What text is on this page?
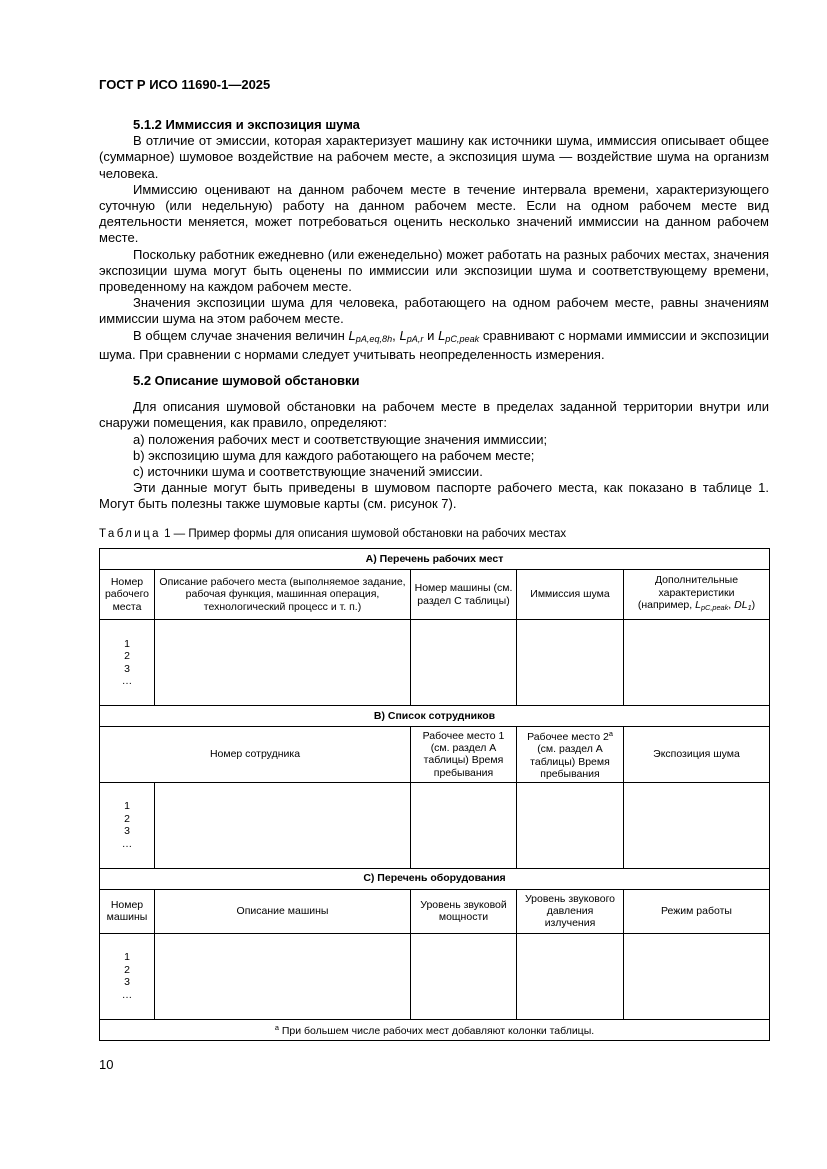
ГОСТ Р ИСО 11690-1—2025
5.1.2 Иммиссия и экспозиция шума

В отличие от эмиссии, которая характеризует машину как источники шума, иммиссия описывает общее (суммарное) шумовое воздействие на рабочем месте, а экспозиция шума — воздействие шума на организм человека.

Иммиссию оценивают на данном рабочем месте в течение интервала времени, характеризующего суточную (или недельную) работу на данном рабочем месте. Если на одном рабочем месте вид деятельности меняется, может потребоваться оценить несколько значений иммиссии на данном рабочем месте.

Поскольку работник ежедневно (или еженедельно) может работать на разных рабочих местах, значения экспозиции шума могут быть оценены по иммиссии или экспозиции шума и соответствующему времени, проведенному на каждом рабочем месте.

Значения экспозиции шума для человека, работающего на одном рабочем месте, равны значениям иммиссии шума на этом рабочем месте.

В общем случае значения величин $L_{pA,eq,8h}$, $L_{pA,r}$ и $L_{pC,peak}$ сравнивают с нормами иммиссии и экспозиции шума. При сравнении с нормами следует учитывать неопределенность измерения.

5.2 Описание шумовой обстановки

Для описания шумовой обстановки на рабочем месте в пределах заданной территории внутри или снаружи помещения, как правило, определяют:

a) положения рабочих мест и соответствующие значения иммиссии;

b) экспозицию шума для каждого работающего на рабочем месте;

c) источники шума и соответствующие значений эмиссии.

Эти данные могут быть приведены в шумовом паспорте рабочего места, как показано в таблице 1. Могут быть полезны также шумовые карты (см. рисунок 7).

Таблица 1 — Пример формы для описания шумовой обстановки на рабочих местах
A) Перечень рабочих мест				
Номер рабочего места	Описание рабочего места (выполняемое задание, рабочая функция, машинная операция, технологический процесс и т. п.)	Номер машины (см. раздел С таблицы)	Иммиссия шума	Дополнительные характеристики
(например, $L_{pC,peak}$, $DL_1$)

1
2
3
…				

B) Список сотрудников				
Номер сотрудника		Рабочее место 1 (см. раздел А таблицы) Время пребывания	Рабочее место 2$^a$ (см. раздел А таблицы) Время пребывания	Экспозиция шума

1
2
3
…				

C) Перечень оборудования				
Номер машины	Описание машины	Уровень звуковой мощности	Уровень звукового давления излучения	Режим работы

1
2
3
…				

$^a$ При большем числе рабочих мест добавляют колонки таблицы.				
10
